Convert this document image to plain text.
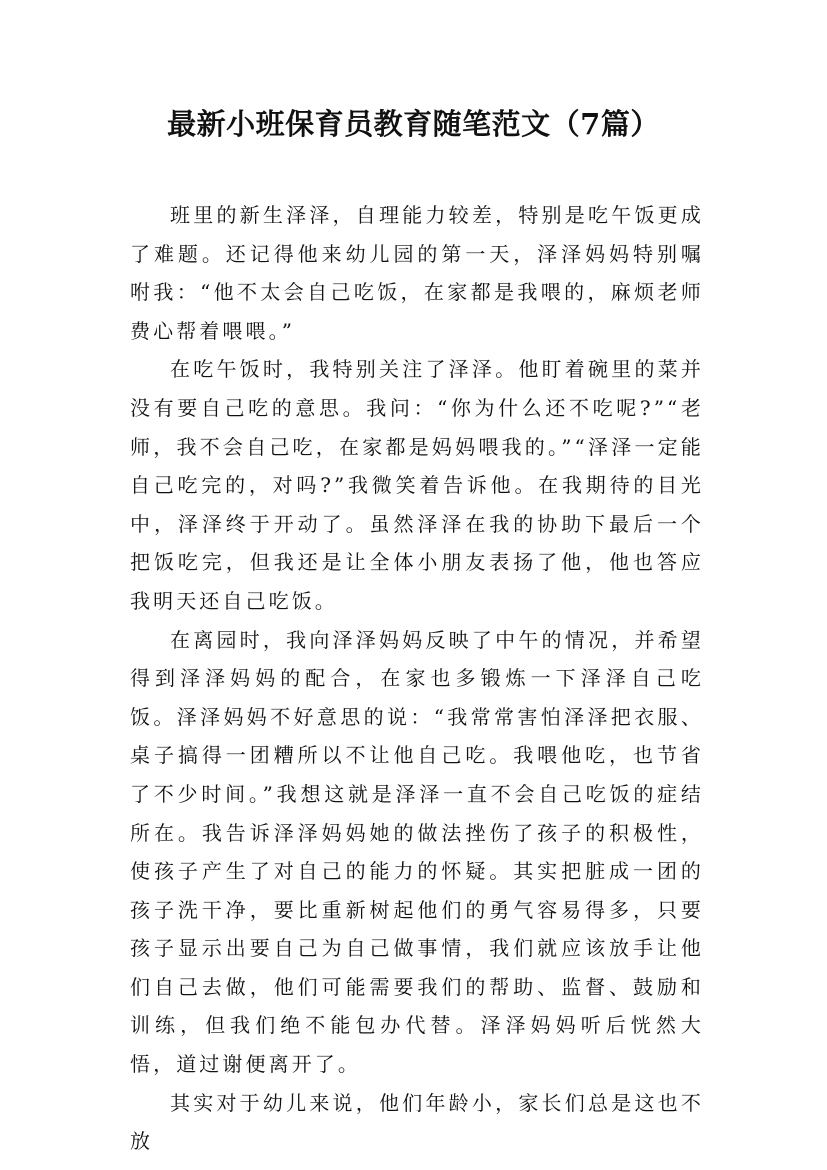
最新小班保育员教育随笔范文（7篇）

班里的新生泽泽，自理能力较差，特别是吃午饭更成了难题。还记得他来幼儿园的第一天，泽泽妈妈特别嘱咐我：“他不太会自己吃饭，在家都是我喂的，麻烦老师费心帮着喂喂。”

在吃午饭时，我特别关注了泽泽。他盯着碗里的菜并没有要自己吃的意思。我问：“你为什么还不吃呢?”“老师，我不会自己吃，在家都是妈妈喂我的。”“泽泽一定能自己吃完的，对吗?”我微笑着告诉他。在我期待的目光中，泽泽终于开动了。虽然泽泽在我的协助下最后一个把饭吃完，但我还是让全体小朋友表扬了他，他也答应我明天还自己吃饭。

在离园时，我向泽泽妈妈反映了中午的情况，并希望得到泽泽妈妈的配合，在家也多锻炼一下泽泽自己吃饭。泽泽妈妈不好意思的说：“我常常害怕泽泽把衣服、桌子搞得一团糟所以不让他自己吃。我喂他吃，也节省了不少时间。”我想这就是泽泽一直不会自己吃饭的症结所在。我告诉泽泽妈妈她的做法挫伤了孩子的积极性，使孩子产生了对自己的能力的怀疑。其实把脏成一团的孩子洗干净，要比重新树起他们的勇气容易得多，只要孩子显示出要自己为自己做事情，我们就应该放手让他们自己去做，他们可能需要我们的帮助、监督、鼓励和训练，但我们绝不能包办代替。泽泽妈妈听后恍然大悟，道过谢便离开了。

其实对于幼儿来说，他们年龄小，家长们总是这也不放
